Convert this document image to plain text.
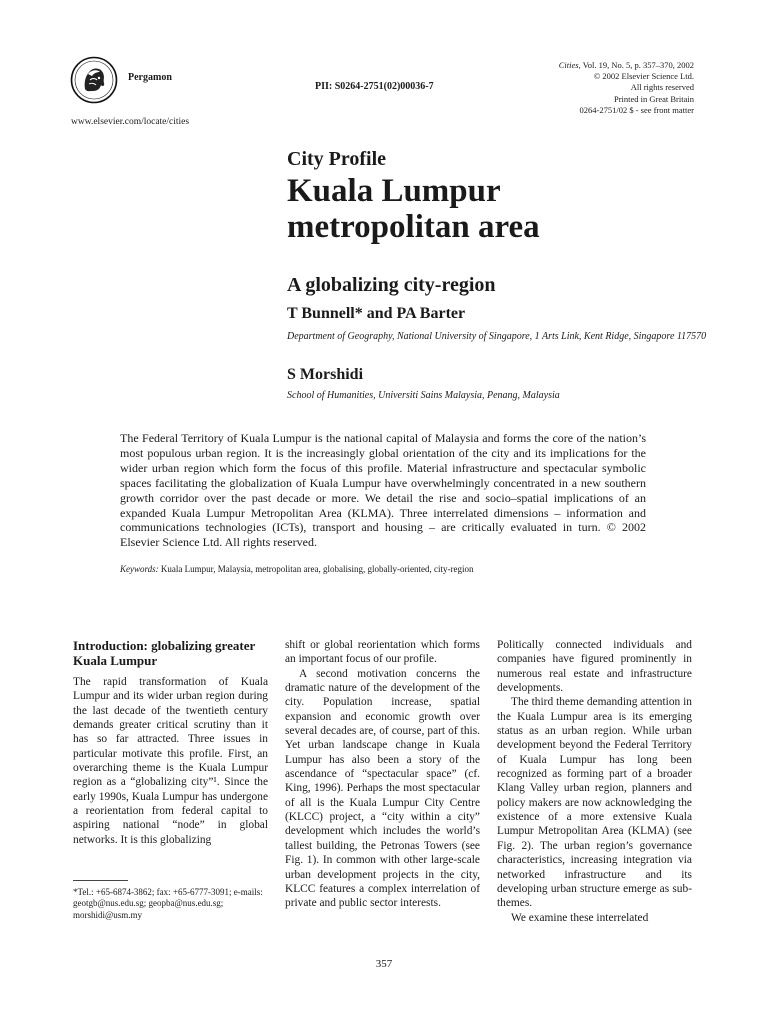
Pergamon
PII: S0264-2751(02)00036-7
Cities, Vol. 19, No. 5, p. 357–370, 2002
© 2002 Elsevier Science Ltd.
All rights reserved
Printed in Great Britain
0264-2751/02 $ - see front matter
www.elsevier.com/locate/cities
City Profile
Kuala Lumpur
metropolitan area
A globalizing city-region
T Bunnell* and PA Barter
Department of Geography, National University of Singapore, 1 Arts Link, Kent Ridge, Singapore 117570
S Morshidi
School of Humanities, Universiti Sains Malaysia, Penang, Malaysia
The Federal Territory of Kuala Lumpur is the national capital of Malaysia and forms the core of the nation’s most populous urban region. It is the increasingly global orientation of the city and its implications for the wider urban region which form the focus of this profile. Material infrastructure and spectacular symbolic spaces facilitating the globalization of Kuala Lumpur have overwhelmingly concentrated in a new southern growth corridor over the past decade or more. We detail the rise and socio–spatial implications of an expanded Kuala Lumpur Metropolitan Area (KLMA). Three interrelated dimensions – information and communications technologies (ICTs), transport and housing – are critically evaluated in turn. © 2002 Elsevier Science Ltd. All rights reserved.
Keywords: Kuala Lumpur, Malaysia, metropolitan area, globalising, globally-oriented, city-region
Introduction: globalizing greater Kuala Lumpur

The rapid transformation of Kuala Lumpur and its wider urban region during the last decade of the twentieth century demands greater critical scrutiny than it has so far attracted. Three issues in particular motivate this profile. First, an overarching theme is the Kuala Lumpur region as a “globalizing city”¹. Since the early 1990s, Kuala Lumpur has undergone a reorientation from federal capital to aspiring national “node” in global networks. It is this globalizing

shift or global reorientation which forms an important focus of our profile.

A second motivation concerns the dramatic nature of the development of the city. Population increase, spatial expansion and economic growth over several decades are, of course, part of this. Yet urban landscape change in Kuala Lumpur has also been a story of the ascendance of “spectacular space” (cf. King, 1996). Perhaps the most spectacular of all is the Kuala Lumpur City Centre (KLCC) project, a “city within a city” development which includes the world’s tallest building, the Petronas Towers (see Fig. 1). In common with other large-scale urban development projects in the city, KLCC features a complex interrelation of private and public sector interests.

Politically connected individuals and companies have figured prominently in numerous real estate and infrastructure developments.

The third theme demanding attention in the Kuala Lumpur area is its emerging status as an urban region. While urban development beyond the Federal Territory of Kuala Lumpur has long been recognized as forming part of a broader Klang Valley urban region, planners and policy makers are now acknowledging the existence of a more extensive Kuala Lumpur Metropolitan Area (KLMA) (see Fig. 2). The urban region’s governance characteristics, increasing integration via networked infrastructure and its developing urban structure emerge as sub-themes.

We examine these interrelated

*Tel.: +65-6874-3862; fax: +65-6777-3091; e-mails: geotgb@nus.edu.sg; geopba@nus.edu.sg; morshidi@usm.my
357
